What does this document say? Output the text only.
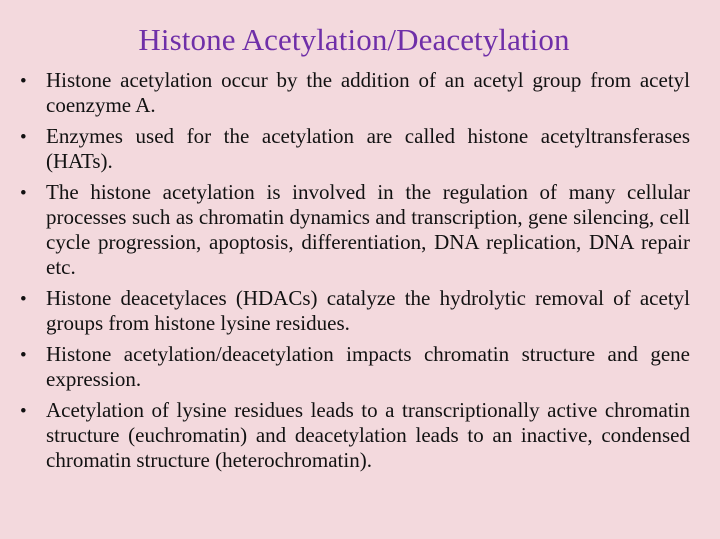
Histone Acetylation/Deacetylation
• Histone acetylation occur by the addition of an acetyl group from acetyl coenzyme A.
• Enzymes used for the acetylation are called histone acetyltransferases (HATs).
• The histone acetylation is involved in the regulation of many cellular processes such as chromatin dynamics and transcription, gene silencing, cell cycle progression, apoptosis, differentiation, DNA replication, DNA repair etc.
• Histone deacetylaces (HDACs) catalyze the hydrolytic removal of acetyl groups from histone lysine residues.
• Histone acetylation/deacetylation impacts chromatin structure and gene expression.
• Acetylation of lysine residues leads to a transcriptionally active chromatin structure (euchromatin) and deacetylation leads to an inactive, condensed chromatin structure (heterochromatin).
